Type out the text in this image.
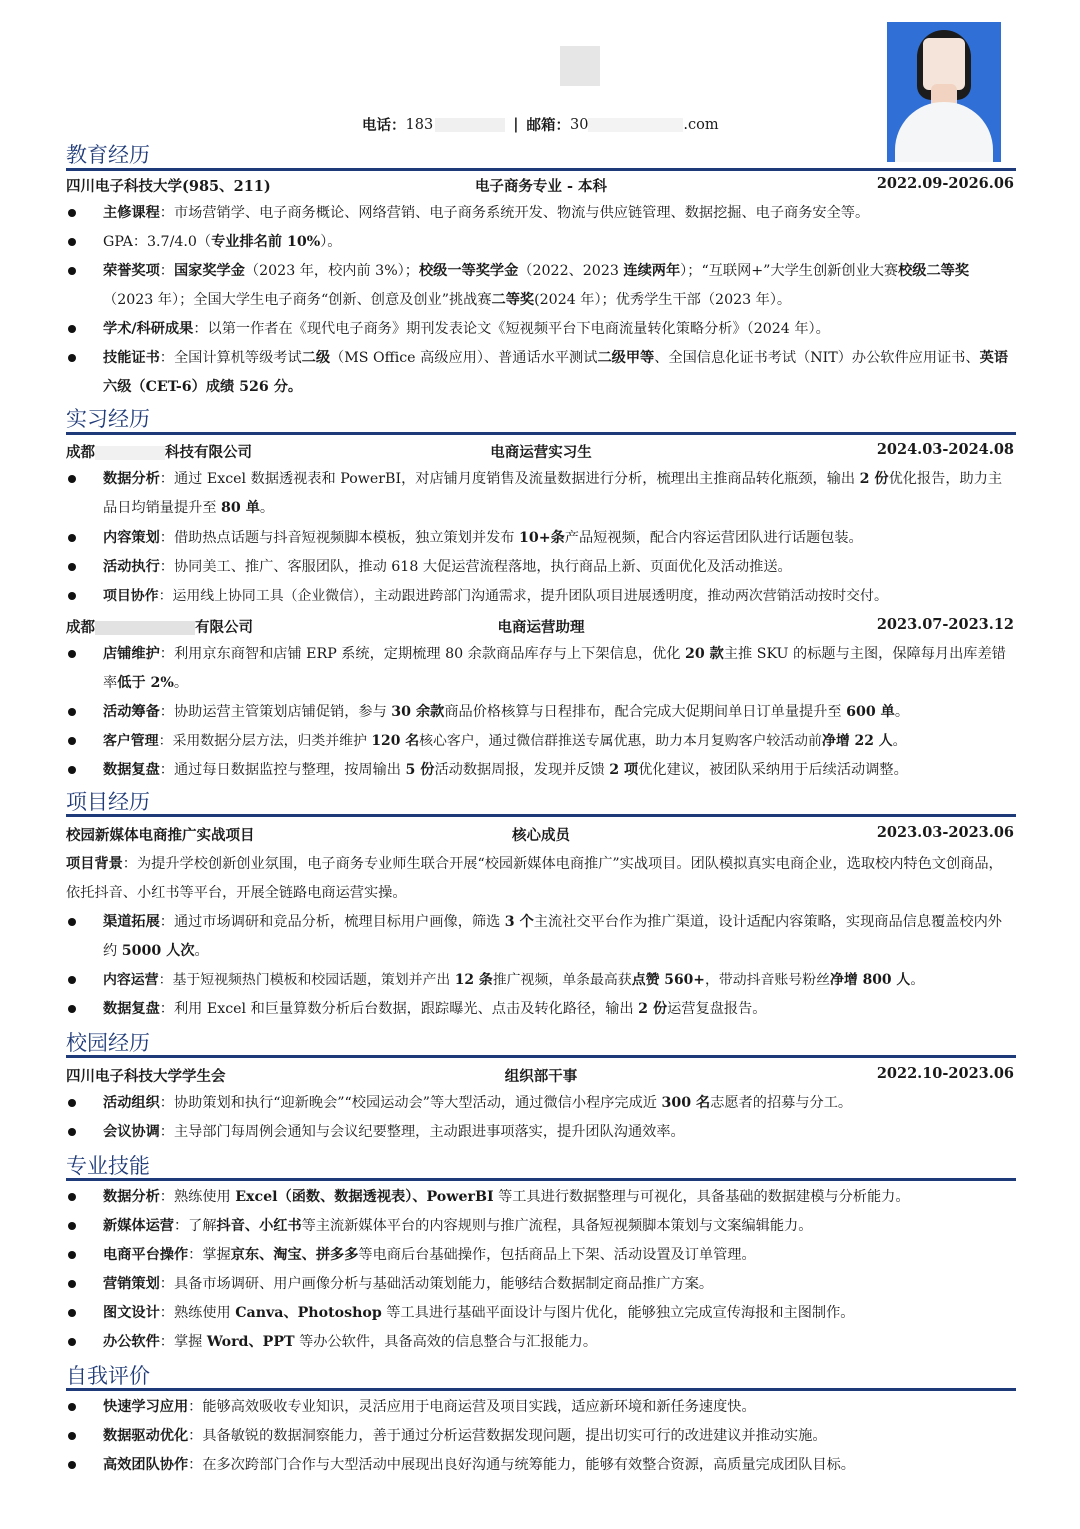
电话： 183	| 邮箱： 30	.com
教育经历
四川电子科技大学(985、211)	电子商务专业 - 本科	2022.09-2026.06
主修课程：市场营销学、电子商务概论、网络营销、电子商务系统开发、物流与供应链管理、数据挖掘、电子商务安全等。
GPA：3.7/4.0（专业排名前 10%）。
荣誉奖项：国家奖学金（2023 年，校内前 3%）；校级一等奖学金（2022、2023 连续两年）；“互联网+”大学生创新创业大赛校级二等奖（2023 年）；全国大学生电子商务“创新、创意及创业”挑战赛二等奖(2024 年）；优秀学生干部（2023 年）。
学术/科研成果：以第一作者在《现代电子商务》期刊发表论文《短视频平台下电商流量转化策略分析》（2024 年）。
技能证书：全国计算机等级考试二级（MS Office 高级应用）、普通话水平测试二级甲等、全国信息化证书考试（NIT）办公软件应用证书、英语六级（CET-6）成绩 526 分。
实习经历
成都	科技有限公司	电商运营实习生	2024.03-2024.08
数据分析：通过 Excel 数据透视表和 PowerBI，对店铺月度销售及流量数据进行分析，梳理出主推商品转化瓶颈，输出 2 份优化报告，助力主品日均销量提升至 80 单。
内容策划：借助热点话题与抖音短视频脚本模板，独立策划并发布 10+条产品短视频，配合内容运营团队进行话题包装。
活动执行：协同美工、推广、客服团队，推动 618 大促运营流程落地，执行商品上新、页面优化及活动推送。
项目协作：运用线上协同工具（企业微信），主动跟进跨部门沟通需求，提升团队项目进展透明度，推动两次营销活动按时交付。
成都	有限公司	电商运营助理	2023.07-2023.12
店铺维护：利用京东商智和店铺 ERP 系统，定期梳理 80 余款商品库存与上下架信息，优化 20 款主推 SKU 的标题与主图，保障每月出库差错率低于 2%。
活动筹备：协助运营主管策划店铺促销，参与 30 余款商品价格核算与日程排布，配合完成大促期间单日订单量提升至 600 单。
客户管理：采用数据分层方法，归类并维护 120 名核心客户，通过微信群推送专属优惠，助力本月复购客户较活动前净增 22 人。
数据复盘：通过每日数据监控与整理，按周输出 5 份活动数据周报，发现并反馈 2 项优化建议，被团队采纳用于后续活动调整。
项目经历
校园新媒体电商推广实战项目	核心成员	2023.03-2023.06
项目背景：为提升学校创新创业氛围，电子商务专业师生联合开展“校园新媒体电商推广”实战项目。团队模拟真实电商企业，选取校内特色文创商品，依托抖音、小红书等平台，开展全链路电商运营实操。
渠道拓展：通过市场调研和竞品分析，梳理目标用户画像，筛选 3 个主流社交平台作为推广渠道，设计适配内容策略，实现商品信息覆盖校内外约 5000 人次。
内容运营：基于短视频热门模板和校园话题，策划并产出 12 条推广视频，单条最高获点赞 560+，带动抖音账号粉丝净增 800 人。
数据复盘：利用 Excel 和巨量算数分析后台数据，跟踪曝光、点击及转化路径，输出 2 份运营复盘报告。
校园经历
四川电子科技大学学生会	组织部干事	2022.10-2023.06
活动组织：协助策划和执行“迎新晚会”“校园运动会”等大型活动，通过微信小程序完成近 300 名志愿者的招募与分工。
会议协调：主导部门每周例会通知与会议纪要整理，主动跟进事项落实，提升团队沟通效率。
专业技能
数据分析：熟练使用 Excel（函数、数据透视表）、PowerBI 等工具进行数据整理与可视化，具备基础的数据建模与分析能力。
新媒体运营：了解抖音、小红书等主流新媒体平台的内容规则与推广流程，具备短视频脚本策划与文案编辑能力。
电商平台操作：掌握京东、淘宝、拼多多等电商后台基础操作，包括商品上下架、活动设置及订单管理。
营销策划：具备市场调研、用户画像分析与基础活动策划能力，能够结合数据制定商品推广方案。
图文设计：熟练使用 Canva、Photoshop 等工具进行基础平面设计与图片优化，能够独立完成宣传海报和主图制作。
办公软件：掌握 Word、PPT 等办公软件，具备高效的信息整合与汇报能力。
自我评价
快速学习应用：能够高效吸收专业知识，灵活应用于电商运营及项目实践，适应新环境和新任务速度快。
数据驱动优化：具备敏锐的数据洞察能力，善于通过分析运营数据发现问题，提出切实可行的改进建议并推动实施。
高效团队协作：在多次跨部门合作与大型活动中展现出良好沟通与统筹能力，能够有效整合资源，高质量完成团队目标。
